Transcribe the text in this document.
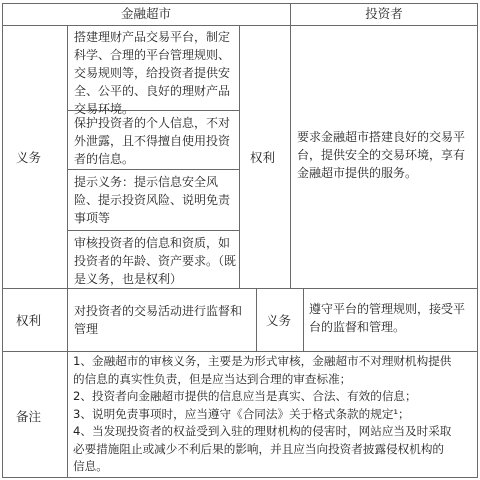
金融超市	投资者
义务
权利
备注
搭建理财产品交易平台，制定科学、合理的平台管理规则、交易规则等，给投资者提供安全、公平的、良好的理财产品交易环境。
保护投资者的个人信息，不对外泄露，且不得擅自使用投资者的信息。
提示义务：提示信息安全风险、提示投资风险、说明免责事项等
审核投资者的信息和资质，如投资者的年龄、资产要求。（既是义务，也是权利）
权利
要求金融超市搭建良好的交易平台，提供安全的交易环境，享有金融超市提供的服务。
对投资者的交易活动进行监督和管理
义务
遵守平台的管理规则，接受平台的监督和管理。
1、金融超市的审核义务，主要是为形式审核，金融超市不对理财机构提供
的信息的真实性负责，但是应当达到合理的审查标准；
2、投资者向金融超市提供的信息应当是真实、合法、有效的信息；
3、说明免责事项时，应当遵守《合同法》关于格式条款的规定¹；
4、当发现投资者的权益受到入驻的理财机构的侵害时，网站应当及时采取
必要措施阻止或减少不利后果的影响，并且应当向投资者披露侵权机构的
信息。
